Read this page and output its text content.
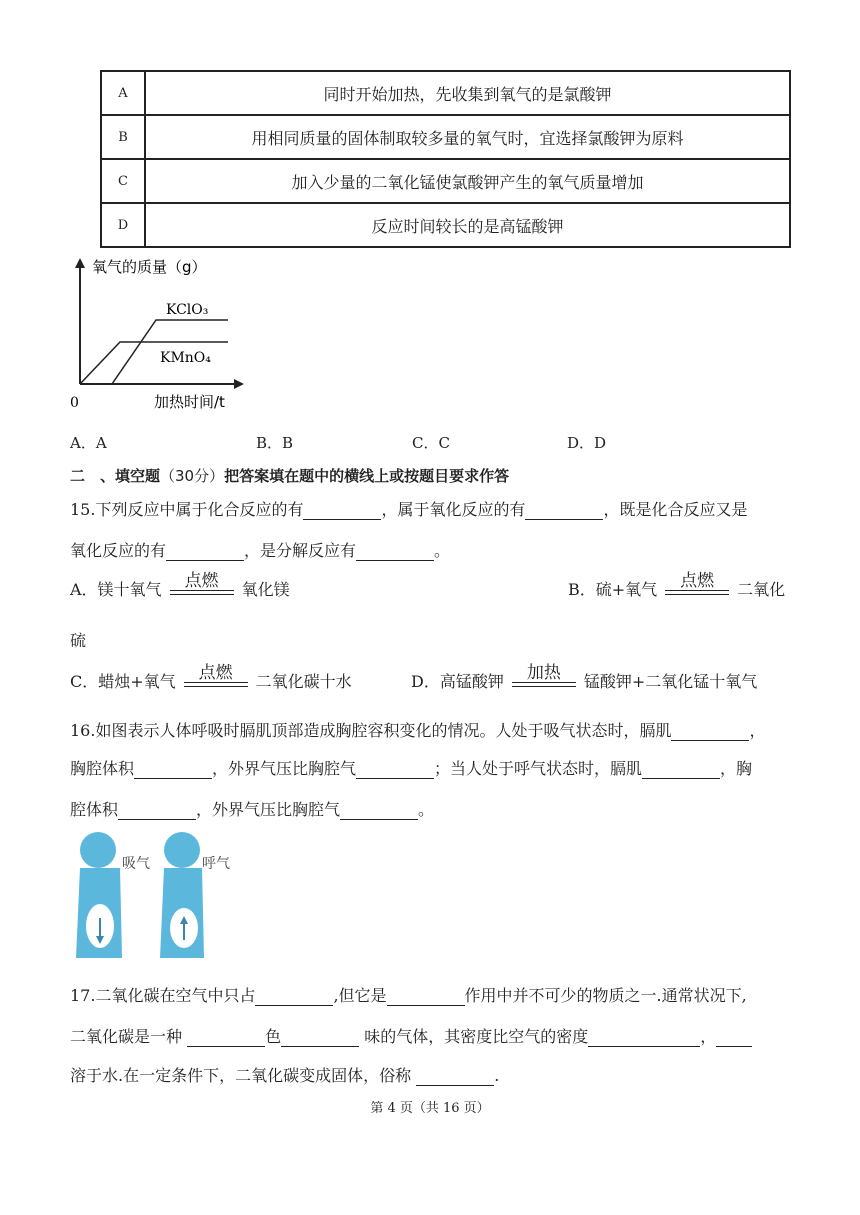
A	同时开始加热，先收集到氧气的是氯酸钾
B	用相同质量的固体制取较多量的氧气时，宜选择氯酸钾为原料
C	加入少量的二氧化锰使氯酸钾产生的氧气质量增加
D	反应时间较长的是高锰酸钾
氧气的质量（g）
KClO₃
KMnO₄
0	加热时间/t
A．A	B．B	C．C	D．D
二　、填空题（30分）把答案填在题中的横线上或按题目要求作答
15.下列反应中属于化合反应的有	，属于氧化反应的有	，既是化合反应又是
氧化反应的有	，是分解反应有	。
A．镁十氧气	点燃	氧化镁	B．硫+氧气	点燃	二氧化
硫
C．蜡烛+氧气	点燃	二氧化碳十水	D．高锰酸钾	加热	锰酸钾+二氧化锰十氧气
16.如图表示人体呼吸时膈肌顶部造成胸腔容积变化的情况。人处于吸气状态时，膈肌	，
胸腔体积	，外界气压比胸腔气	；当人处于呼气状态时，膈肌	，胸
腔体积	，外界气压比胸腔气	。
吸气	呼气
17.二氧化碳在空气中只占	,但它是	作用中并不可少的物质之一.通常状况下,
二氧化碳是一种	色	味的气体，其密度比空气的密度	，
溶于水.在一定条件下，二氧化碳变成固体，俗称	.
第 4 页（共 16 页）
